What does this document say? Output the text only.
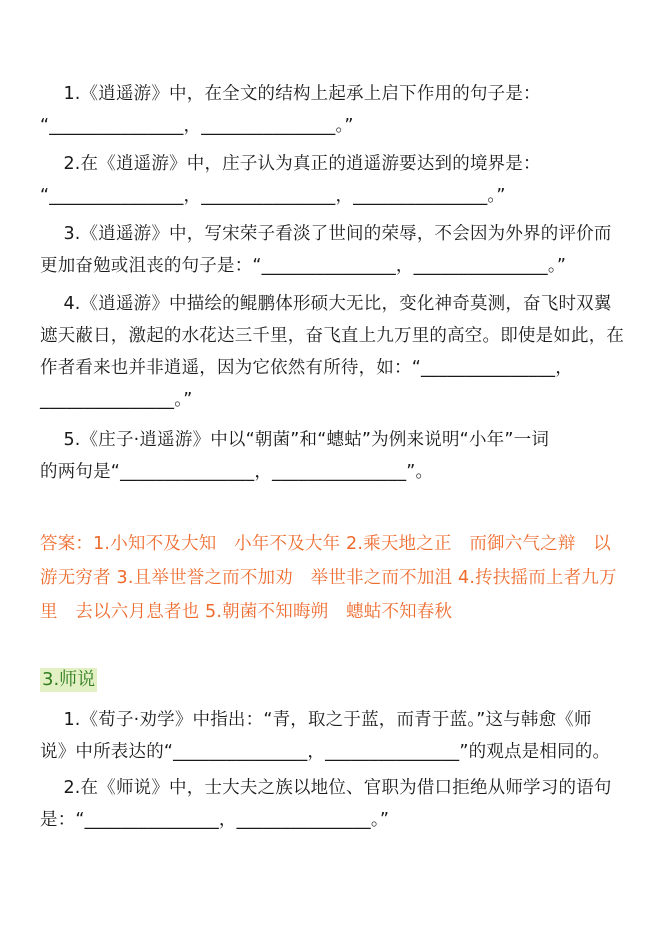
　 1.《逍遥游》中，在全文的结构上起承上启下作用的句子是：
“_______________，_______________。”
　 2.在《逍遥游》中，庄子认为真正的逍遥游要达到的境界是：
“_______________，_______________，_______________。”
　 3.《逍遥游》中，写宋荣子看淡了世间的荣辱，不会因为外界的评价而
更加奋勉或沮丧的句子是：“_______________，_______________。”
　 4.《逍遥游》中描绘的鲲鹏体形硕大无比，变化神奇莫测，奋飞时双翼
遮天蔽日，激起的水花达三千里，奋飞直上九万里的高空。即使是如此，在
作者看来也并非逍遥，因为它依然有所待，如：“_______________，
_______________。”
　 5.《庄子·逍遥游》中以“朝菌”和“蟪蛄”为例来说明“小年”一词
的两句是“_______________，_______________”。
答案：1.小知不及大知　小年不及大年 2.乘天地之正　而御六气之辩　以
游无穷者 3.且举世誉之而不加劝　举世非之而不加沮 4.抟扶摇而上者九万
里　去以六月息者也 5.朝菌不知晦朔　蟪蛄不知春秋
3.师说
　 1.《荀子·劝学》中指出：“青，取之于蓝，而青于蓝。”这与韩愈《师
说》中所表达的“_______________，_______________”的观点是相同的。
　 2.在《师说》中，士大夫之族以地位、官职为借口拒绝从师学习的语句
是：“_______________，_______________。”
